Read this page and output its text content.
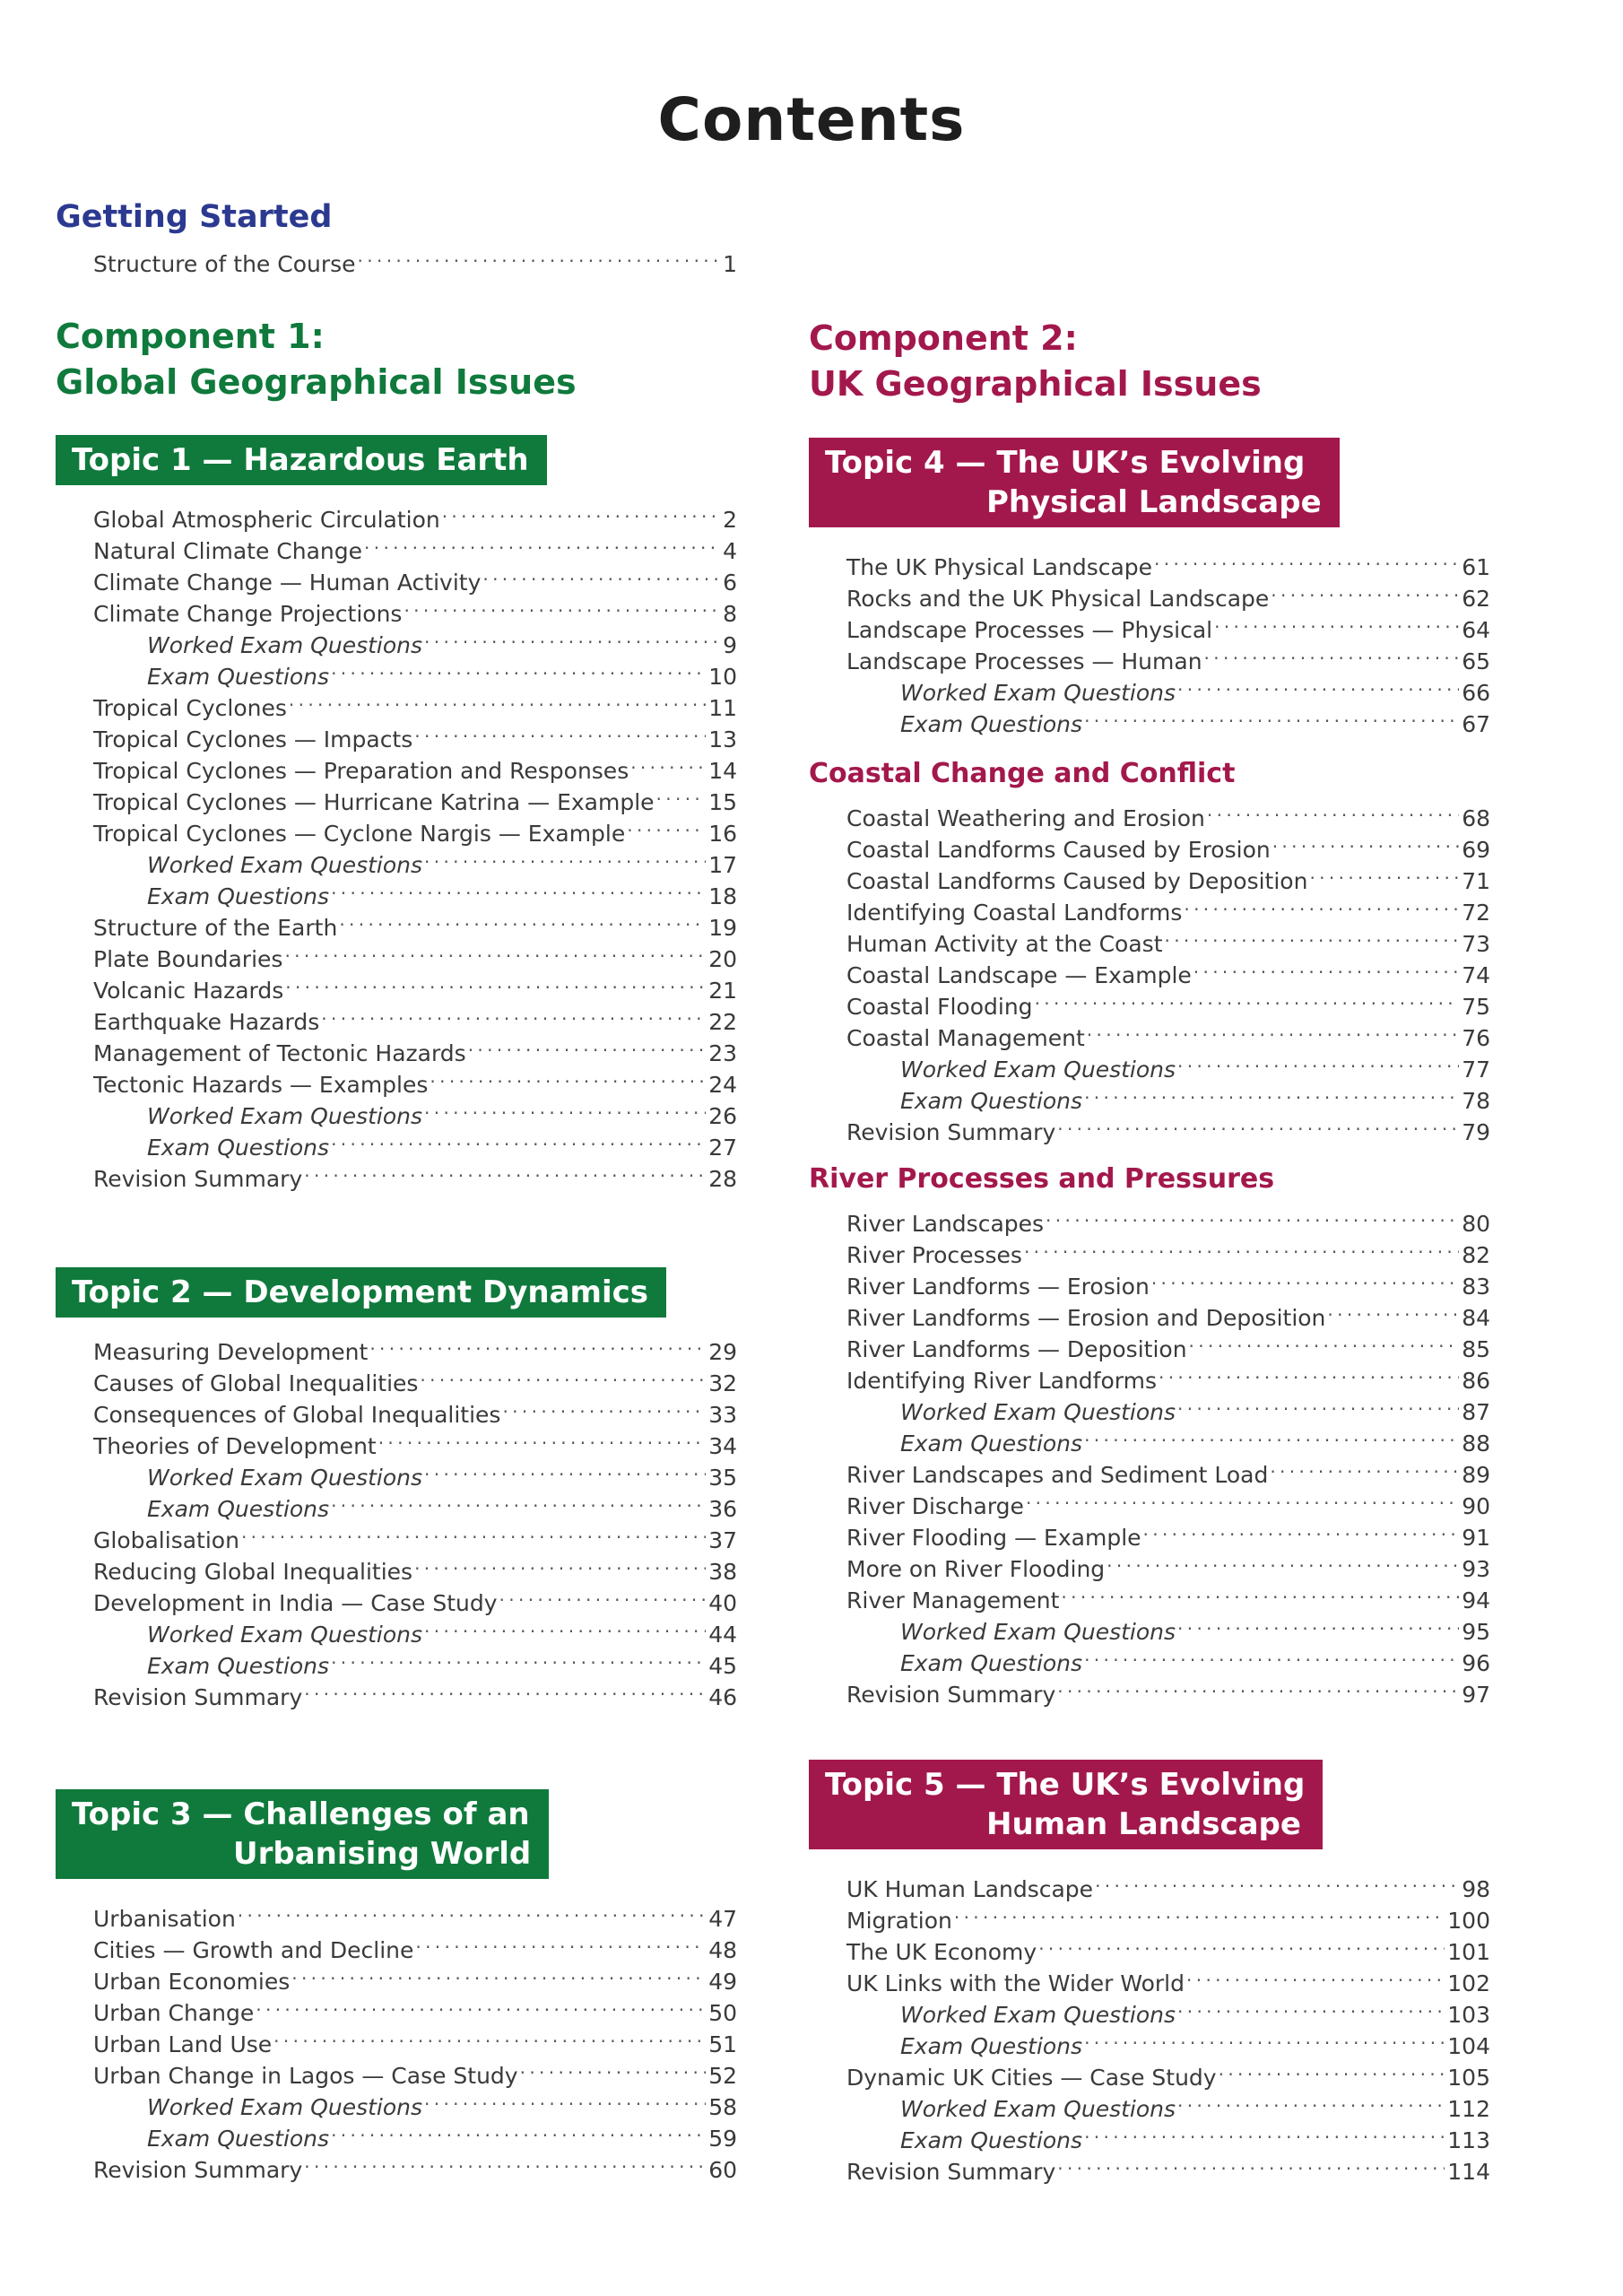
Contents
Getting Started
Structure of the Course . . .	1
Component 1:
Global Geographical Issues
Topic 1 — Hazardous Earth
Global Atmospheric Circulation . . .	2
Natural Climate Change . . .	4
Climate Change — Human Activity . . .	6
Climate Change Projections . . .	8
Worked Exam Questions . . .	9
Exam Questions . . .	10
Tropical Cyclones . . .	11
Tropical Cyclones — Impacts . . .	13
Tropical Cyclones — Preparation and Responses . . .	14
Tropical Cyclones — Hurricane Katrina — Example . . . 15
Tropical Cyclones — Cyclone Nargis — Example . . .	16
Worked Exam Questions . . .	17
Exam Questions . . .	18
Structure of the Earth . . .	19
Plate Boundaries . . .	20
Volcanic Hazards . . .	21
Earthquake Hazards . . .	22
Management of Tectonic Hazards . . .	23
Tectonic Hazards — Examples . . .	24
Worked Exam Questions . . .	26
Exam Questions . . .	27
Revision Summary . . .	28
Topic 2 — Development Dynamics
Measuring Development . . .	29
Causes of Global Inequalities . . .	32
Consequences of Global Inequalities . . .	33
Theories of Development . . .	34
Worked Exam Questions . . .	35
Exam Questions . . .	36
Globalisation . . .	37
Reducing Global Inequalities . . .	38
Development in India — Case Study . . .	40
Worked Exam Questions . . .	44
Exam Questions . . .	45
Revision Summary . . .	46
Topic 3 — Challenges of an
Urbanising World
Urbanisation . . .	47
Cities — Growth and Decline . . .	48
Urban Economies . . .	49
Urban Change . . .	50
Urban Land Use . . .	51
Urban Change in Lagos — Case Study . . .	52
Worked Exam Questions . . .	58
Exam Questions . . .	59
Revision Summary . . .	60
Component 2:
UK Geographical Issues
Topic 4 — The UK’s Evolving
Physical Landscape
The UK Physical Landscape . . .	61
Rocks and the UK Physical Landscape . . .	62
Landscape Processes — Physical . . .	64
Landscape Processes — Human . . .	65
Worked Exam Questions . . .	66
Exam Questions . . .	67
Coastal Change and Conflict
Coastal Weathering and Erosion . . .	68
Coastal Landforms Caused by Erosion . . .	69
Coastal Landforms Caused by Deposition . . .	71
Identifying Coastal Landforms . . .	72
Human Activity at the Coast . . .	73
Coastal Landscape — Example . . .	74
Coastal Flooding . . .	75
Coastal Management . . .	76
Worked Exam Questions . . .	77
Exam Questions . . .	78
Revision Summary . . .	79
River Processes and Pressures
River Landscapes . . .	80
River Processes . . .	82
River Landforms — Erosion . . .	83
River Landforms — Erosion and Deposition . . .	84
River Landforms — Deposition . . .	85
Identifying River Landforms . . .	86
Worked Exam Questions . . .	87
Exam Questions . . .	88
River Landscapes and Sediment Load . . .	89
River Discharge . . .	90
River Flooding — Example . . .	91
More on River Flooding . . .	93
River Management . . .	94
Worked Exam Questions . . .	95
Exam Questions . . .	96
Revision Summary . . .	97
Topic 5 — The UK’s Evolving
Human Landscape
UK Human Landscape . . .	98
Migration . . .	100
The UK Economy . . .	101
UK Links with the Wider World . . .	102
Worked Exam Questions . . .	103
Exam Questions . . .	104
Dynamic UK Cities — Case Study . . .	105
Worked Exam Questions . . .	112
Exam Questions . . .	113
Revision Summary . . .	114
